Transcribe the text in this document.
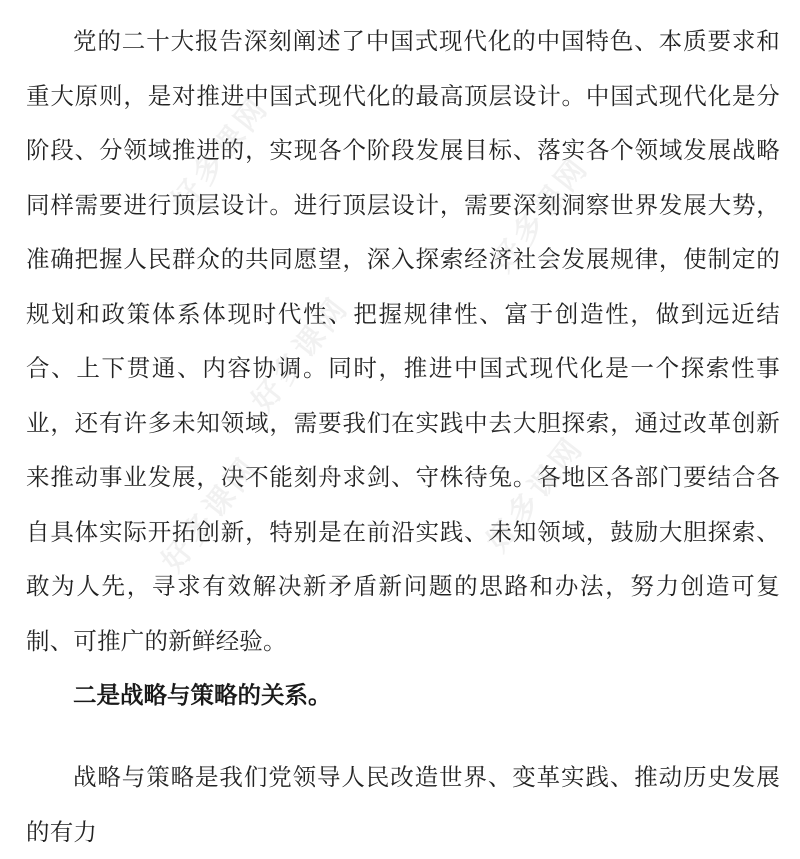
党的二十大报告深刻阐述了中国式现代化的中国特色、本质要求和重大原则，是对推进中国式现代化的最高顶层设计。中国式现代化是分阶段、分领域推进的，实现各个阶段发展目标、落实各个领域发展战略同样需要进行顶层设计。进行顶层设计，需要深刻洞察世界发展大势，准确把握人民群众的共同愿望，深入探索经济社会发展规律，使制定的规划和政策体系体现时代性、把握规律性、富于创造性，做到远近结合、上下贯通、内容协调。同时，推进中国式现代化是一个探索性事业，还有许多未知领域，需要我们在实践中去大胆探索，通过改革创新来推动事业发展，决不能刻舟求剑、守株待兔。各地区各部门要结合各自具体实际开拓创新，特别是在前沿实践、未知领域，鼓励大胆探索、敢为人先，寻求有效解决新矛盾新问题的思路和办法，努力创造可复制、可推广的新鲜经验。

二是战略与策略的关系。

战略与策略是我们党领导人民改造世界、变革实践、推动历史发展的有力

好多课网	好多课网
好多课网
好多课网	好多课网
